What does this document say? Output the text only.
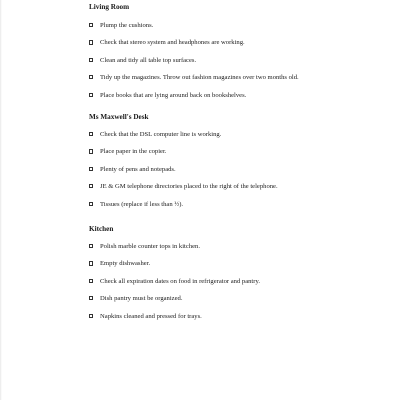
Living Room
Plump the cushions.
Check that stereo system and headphones are working.
Clean and tidy all table top surfaces.
Tidy up the magazines. Throw out fashion magazines over two months old.
Place books that are lying around back on bookshelves.
Ms Maxwell's Desk
Check that the DSL computer line is working.
Place paper in the copier.
Plenty of pens and notepads.
JE & GM telephone directories placed to the right of the telephone.
Tissues (replace if less than ½).
Kitchen
Polish marble counter tops in kitchen.
Empty dishwasher.
Check all expiration dates on food in refrigerator and pantry.
Dish pantry must be organized.
Napkins cleaned and pressed for trays.
